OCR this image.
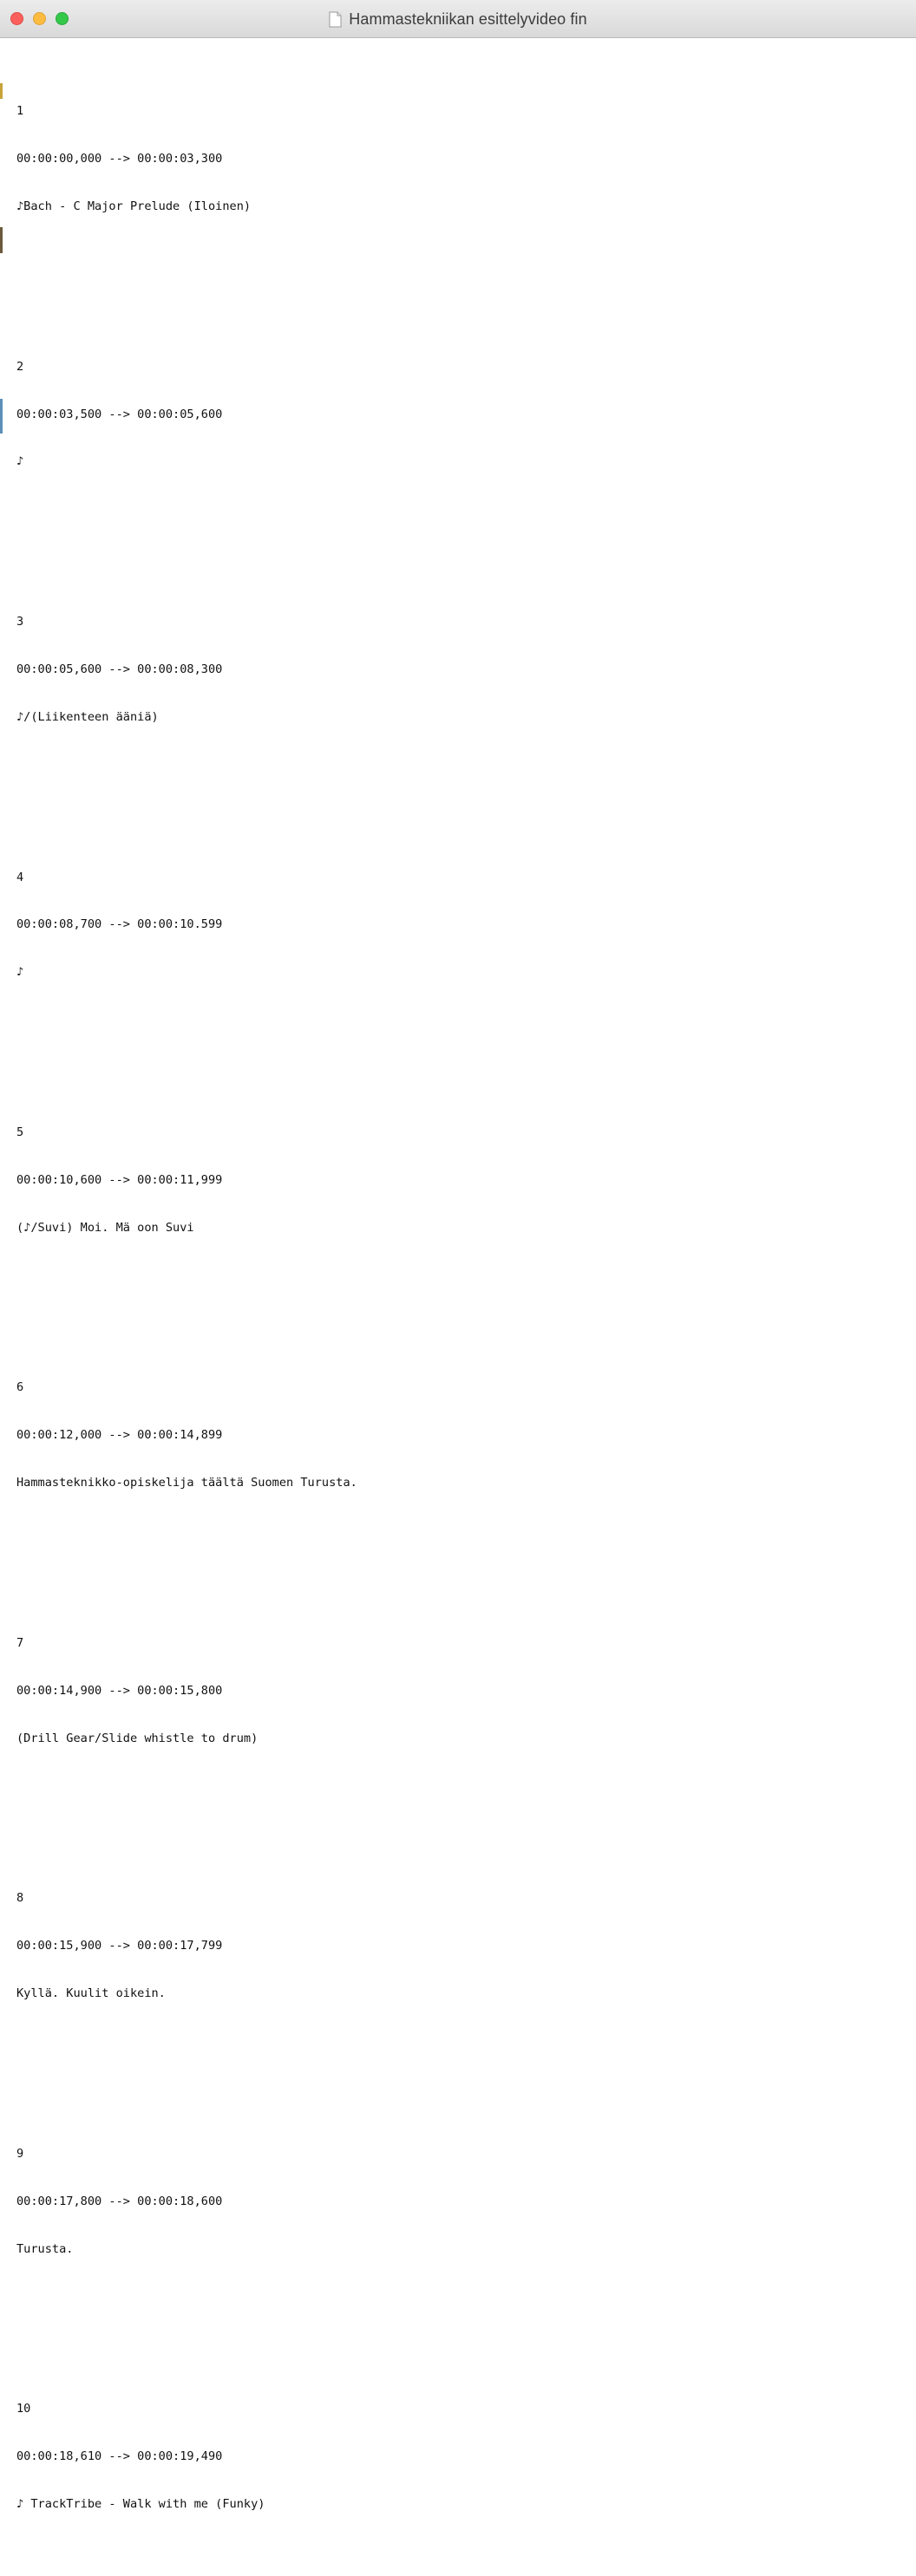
Hammastekniikan esittelyvideo fin

1

00:00:00,000 --> 00:00:03,300

♪Bach - C Major Prelude (Iloinen)

2

00:00:03,500 --> 00:00:05,600

♪

3

00:00:05,600 --> 00:00:08,300

♪/(Liikenteen ääniä)

4

00:00:08,700 --> 00:00:10.599

♪

5

00:00:10,600 --> 00:00:11,999

(♪/Suvi) Moi. Mä oon Suvi

6

00:00:12,000 --> 00:00:14,899

Hammasteknikko-opiskelija täältä Suomen Turusta.

7

00:00:14,900 --> 00:00:15,800

(Drill Gear/Slide whistle to drum)

8

00:00:15,900 --> 00:00:17,799

Kyllä. Kuulit oikein.

9

00:00:17,800 --> 00:00:18,600

Turusta.

10

00:00:18,610 --> 00:00:19,490

♪ TrackTribe - Walk with me (Funky)
